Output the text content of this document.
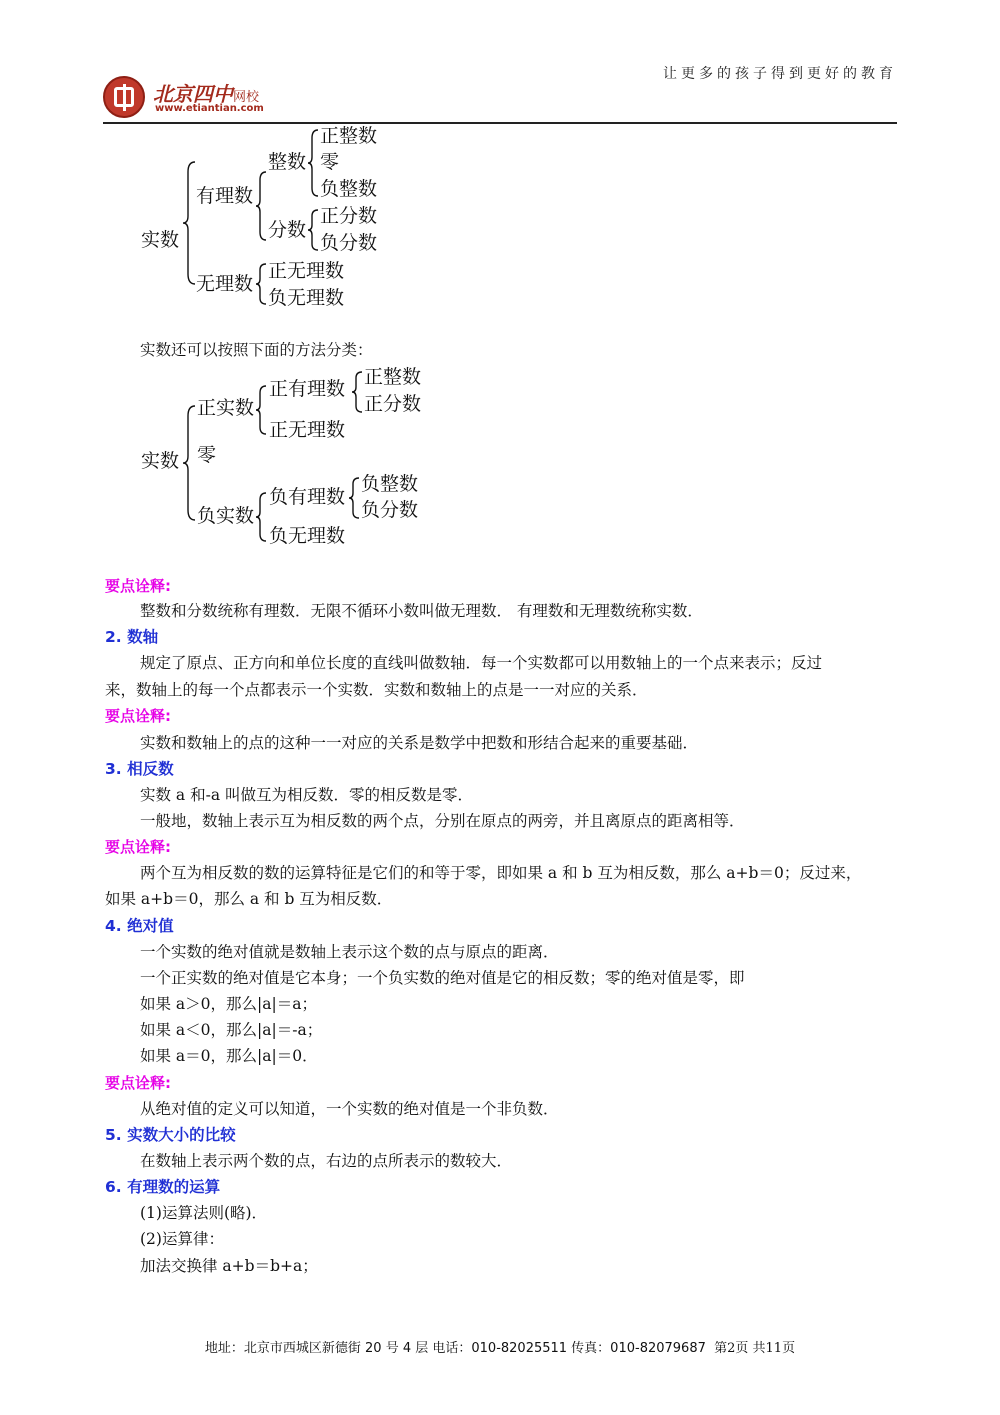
北京四中网校
www.etiantian.com
让更多的孩子得到更好的教育
实数
有理数
整数
正整数
零
负整数
分数
正分数
负分数
无理数
正无理数
负无理数
实数还可以按照下面的方法分类：
实数
正实数
正有理数
正整数
正分数
正无理数
零
负实数
负有理数
负整数
负分数
负无理数
要点诠释:
整数和分数统称有理数．无限不循环小数叫做无理数． 有理数和无理数统称实数．
2. 数轴
规定了原点、正方向和单位长度的直线叫做数轴．每一个实数都可以用数轴上的一个点来表示；反过
来，数轴上的每一个点都表示一个实数．实数和数轴上的点是一一对应的关系．
要点诠释:
实数和数轴上的点的这种一一对应的关系是数学中把数和形结合起来的重要基础．
3. 相反数
实数 a 和-a 叫做互为相反数．零的相反数是零．
一般地，数轴上表示互为相反数的两个点，分别在原点的两旁，并且离原点的距离相等．
要点诠释:
两个互为相反数的数的运算特征是它们的和等于零，即如果 a 和 b 互为相反数，那么 a+b＝0；反过来，
如果 a+b＝0，那么 a 和 b 互为相反数．
4. 绝对值
一个实数的绝对值就是数轴上表示这个数的点与原点的距离．
一个正实数的绝对值是它本身；一个负实数的绝对值是它的相反数；零的绝对值是零，即
如果 a＞0，那么|a|＝a；
如果 a＜0，那么|a|＝-a；
如果 a＝0，那么|a|＝0．
要点诠释:
从绝对值的定义可以知道，一个实数的绝对值是一个非负数．
5. 实数大小的比较
在数轴上表示两个数的点，右边的点所表示的数较大．
6. 有理数的运算
(1)运算法则(略)．
(2)运算律：
加法交换律 a+b＝b+a；
地址：北京市西城区新德街 20 号 4 层 电话：010-82025511 传真：010-82079687 第2页 共11页
